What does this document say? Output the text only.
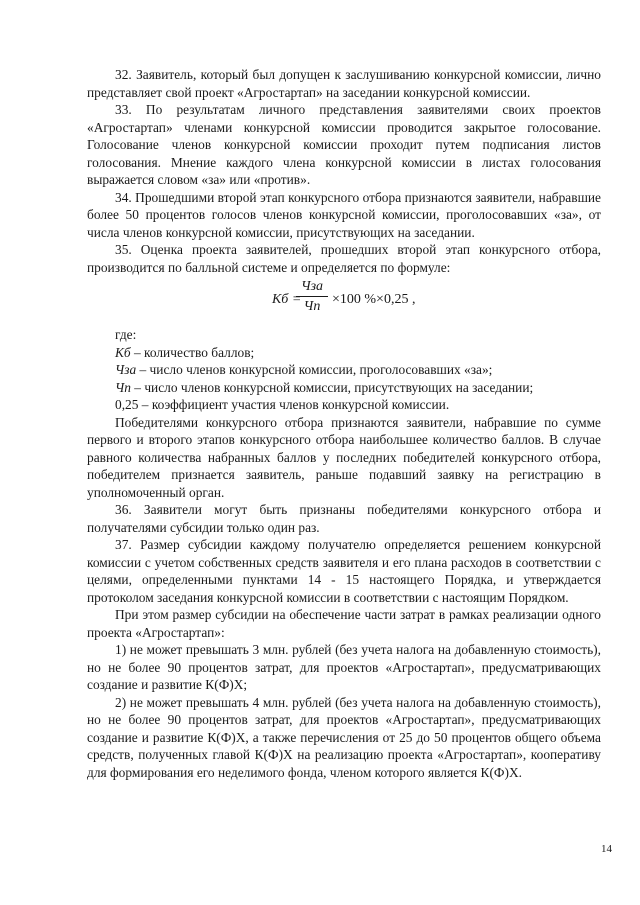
32. Заявитель, который был допущен к заслушиванию конкурсной комиссии, лично представляет свой проект «Агростартап» на заседании конкурсной комиссии.

33. По результатам личного представления заявителями своих проектов «Агростартап» членами конкурсной комиссии проводится закрытое голосование. Голосование членов конкурсной комиссии проходит путем подписания листов голосования. Мнение каждого члена конкурсной комиссии в листах голосования выражается словом «за» или «против».

34. Прошедшими второй этап конкурсного отбора признаются заявители, набравшие более 50 процентов голосов членов конкурсной комиссии, проголосовавших «за», от числа членов конкурсной комиссии, присутствующих на заседании.

35. Оценка проекта заявителей, прошедших второй этап конкурсного отбора, производится по балльной системе и определяется по формуле:

Кб =
Чза
Чп ×100 %×0,25 ,

где:

Кб – количество баллов;

Чза – число членов конкурсной комиссии, проголосовавших «за»;

Чп – число членов конкурсной комиссии, присутствующих на заседании;

0,25 – коэффициент участия членов конкурсной комиссии.

Победителями конкурсного отбора признаются заявители, набравшие по сумме первого и второго этапов конкурсного отбора наибольшее количество баллов. В случае равного количества набранных баллов у последних победителей конкурсного отбора, победителем признается заявитель, раньше подавший заявку на регистрацию в уполномоченный орган.

36. Заявители могут быть признаны победителями конкурсного отбора и получателями субсидии только один раз.

37. Размер субсидии каждому получателю определяется решением конкурсной комиссии с учетом собственных средств заявителя и его плана расходов в соответствии с целями, определенными пунктами 14 - 15 настоящего Порядка, и утверждается протоколом заседания конкурсной комиссии в соответствии с настоящим Порядком.

При этом размер субсидии на обеспечение части затрат в рамках реализации одного проекта «Агростартап»:

1) не может превышать 3 млн. рублей (без учета налога на добавленную стоимость), но не более 90 процентов затрат, для проектов «Агростартап», предусматривающих создание и развитие К(Ф)Х;

2) не может превышать 4 млн. рублей (без учета налога на добавленную стоимость), но не более 90 процентов затрат, для проектов «Агростартап», предусматривающих создание и развитие К(Ф)Х, а также перечисления от 25 до 50 процентов общего объема средств, полученных главой К(Ф)Х на реализацию проекта «Агростартап», кооперативу для формирования его неделимого фонда, членом которого является К(Ф)Х.

14
